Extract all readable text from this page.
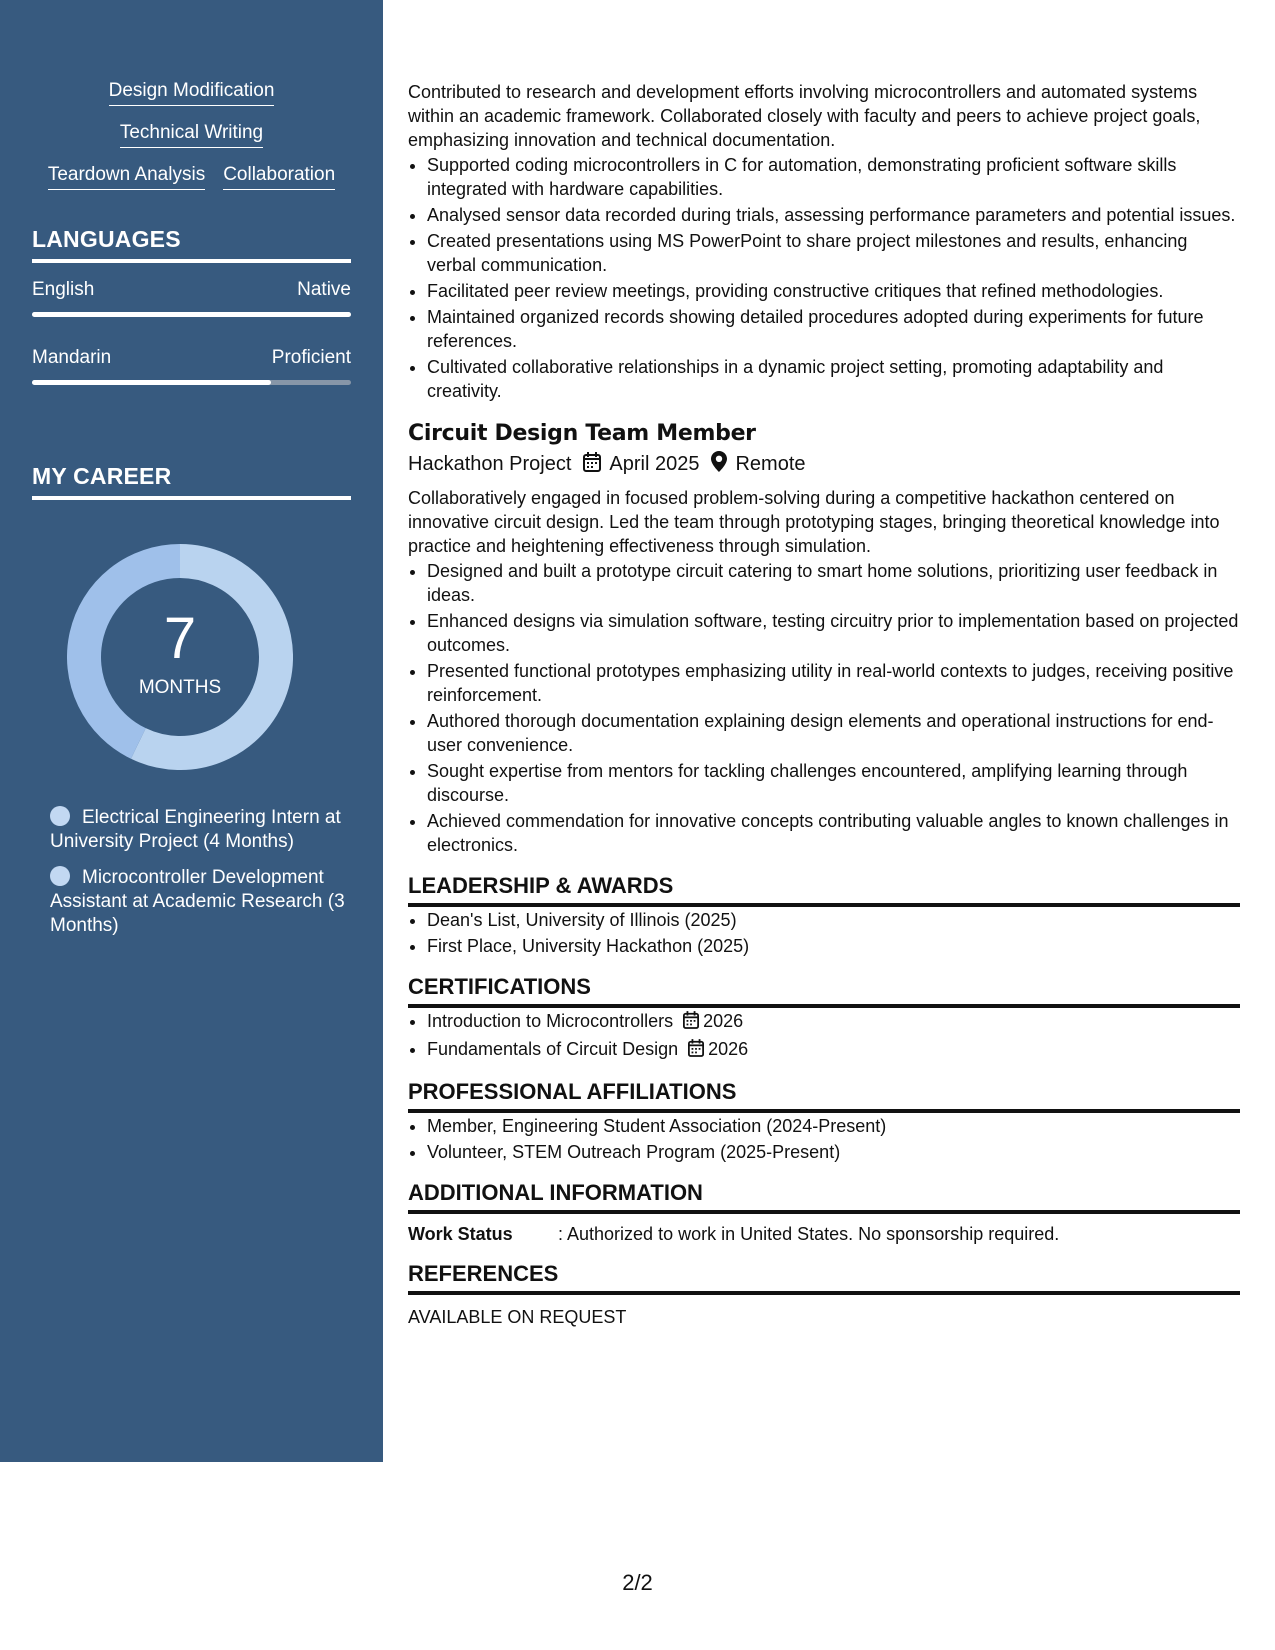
Design Modification
Technical Writing
Teardown Analysis Collaboration
LANGUAGES
English	Native
Mandarin	Proficient
MY CAREER
7
MONTHS
Electrical Engineering Intern at University Project (4 Months)
Microcontroller Development Assistant at Academic Research (3 Months)

Contributed to research and development efforts involving microcontrollers and automated systems within an academic framework. Collaborated closely with faculty and peers to achieve project goals, emphasizing innovation and technical documentation.

• Supported coding microcontrollers in C for automation, demonstrating proficient software skills integrated with hardware capabilities.
• Analysed sensor data recorded during trials, assessing performance parameters and potential issues.
• Created presentations using MS PowerPoint to share project milestones and results, enhancing verbal communication.
• Facilitated peer review meetings, providing constructive critiques that refined methodologies.
• Maintained organized records showing detailed procedures adopted during experiments for future references.
• Cultivated collaborative relationships in a dynamic project setting, promoting adaptability and creativity.
Circuit Design Team Member
Hackathon Project April 2025 Remote

Collaboratively engaged in focused problem-solving during a competitive hackathon centered on innovative circuit design. Led the team through prototyping stages, bringing theoretical knowledge into practice and heightening effectiveness through simulation.

• Designed and built a prototype circuit catering to smart home solutions, prioritizing user feedback in ideas.
• Enhanced designs via simulation software, testing circuitry prior to implementation based on projected outcomes.
• Presented functional prototypes emphasizing utility in real-world contexts to judges, receiving positive reinforcement.
• Authored thorough documentation explaining design elements and operational instructions for end-user convenience.
• Sought expertise from mentors for tackling challenges encountered, amplifying learning through discourse.
• Achieved commendation for innovative concepts contributing valuable angles to known challenges in electronics.
LEADERSHIP & AWARDS
• Dean's List, University of Illinois (2025)
• First Place, University Hackathon (2025)
CERTIFICATIONS
• Introduction to Microcontrollers 2026
• Fundamentals of Circuit Design 2026
PROFESSIONAL AFFILIATIONS
• Member, Engineering Student Association (2024-Present)
• Volunteer, STEM Outreach Program (2025-Present)
ADDITIONAL INFORMATION
Work Status	: Authorized to work in United States. No sponsorship required.
REFERENCES
AVAILABLE ON REQUEST
2/2
